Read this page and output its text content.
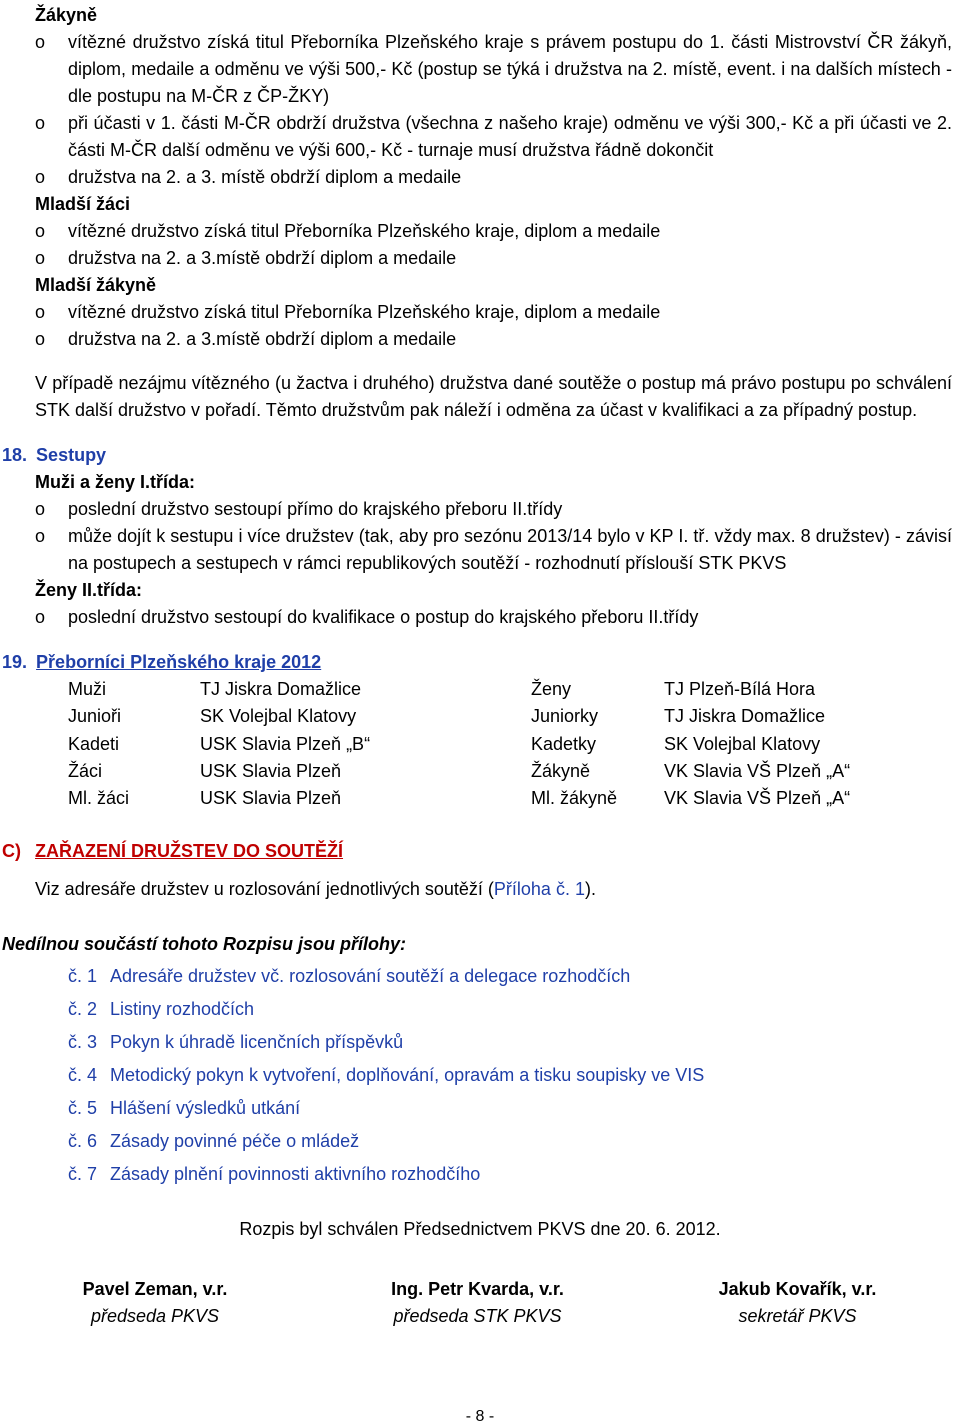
Žákyně
o	vítězné družstvo získá titul Přeborníka Plzeňského kraje s právem postupu do 1. části Mistrovství ČR žákyň, diplom, medaile a odměnu ve výši 500,- Kč (postup se týká i družstva na 2. místě, event. i na dalších místech - dle postupu na M-ČR z ČP-ŽKY)
o	při účasti v 1. části M-ČR obdrží družstva (všechna z našeho kraje) odměnu ve výši 300,- Kč a při účasti ve 2. části M-ČR další odměnu ve výši 600,- Kč - turnaje musí družstva řádně dokončit
o	družstva na 2. a 3. místě obdrží diplom a medaile
Mladší žáci
o	vítězné družstvo získá titul Přeborníka Plzeňského kraje, diplom a medaile
o	družstva na 2. a 3.místě obdrží diplom a medaile
Mladší žákyně
o	vítězné družstvo získá titul Přeborníka Plzeňského kraje, diplom a medaile
o	družstva na 2. a 3.místě obdrží diplom a medaile
V případě nezájmu vítězného (u žactva i druhého) družstva dané soutěže o postup má právo postupu po schválení STK další družstvo v pořadí. Těmto družstvům pak náleží i odměna za účast v kvalifikaci a za případný postup.
18. Sestupy
Muži a ženy I.třída:
o	poslední družstvo sestoupí přímo do krajského přeboru II.třídy
o	může dojít k sestupu i více družstev (tak, aby pro sezónu 2013/14 bylo v KP I. tř. vždy max. 8 družstev) - závisí na postupech a sestupech v rámci republikových soutěží - rozhodnutí příslouší STK PKVS
Ženy II.třída:
o	poslední družstvo sestoupí do kvalifikace o postup do krajského přeboru II.třídy
19. Přeborníci Plzeňského kraje 2012
Muži	TJ Jiskra Domažlice	Ženy	TJ Plzeň-Bílá Hora
Junioři	SK Volejbal Klatovy	Juniorky	TJ Jiskra Domažlice
Kadeti	USK Slavia Plzeň „B“	Kadetky	SK Volejbal Klatovy
Žáci	USK Slavia Plzeň	Žákyně	VK Slavia VŠ Plzeň „A“
Ml. žáci	USK Slavia Plzeň	Ml. žákyně	VK Slavia VŠ Plzeň „A“
C) ZAŘAZENÍ DRUŽSTEV DO SOUTĚŽÍ
Viz adresáře družstev u rozlosování jednotlivých soutěží (Příloha č. 1).
Nedílnou součástí tohoto Rozpisu jsou přílohy:
č. 1 Adresáře družstev vč. rozlosování soutěží a delegace rozhodčích
č. 2 Listiny rozhodčích
č. 3 Pokyn k úhradě licenčních příspěvků
č. 4 Metodický pokyn k vytvoření, doplňování, opravám a tisku soupisky ve VIS
č. 5 Hlášení výsledků utkání
č. 6 Zásady povinné péče o mládež
č. 7 Zásady plnění povinnosti aktivního rozhodčího
Rozpis byl schválen Předsednictvem PKVS dne 20. 6. 2012.
Pavel Zeman, v.r.
předseda PKVS
Ing. Petr Kvarda, v.r.
předseda STK PKVS
Jakub Kovařík, v.r.
sekretář PKVS
- 8 -
